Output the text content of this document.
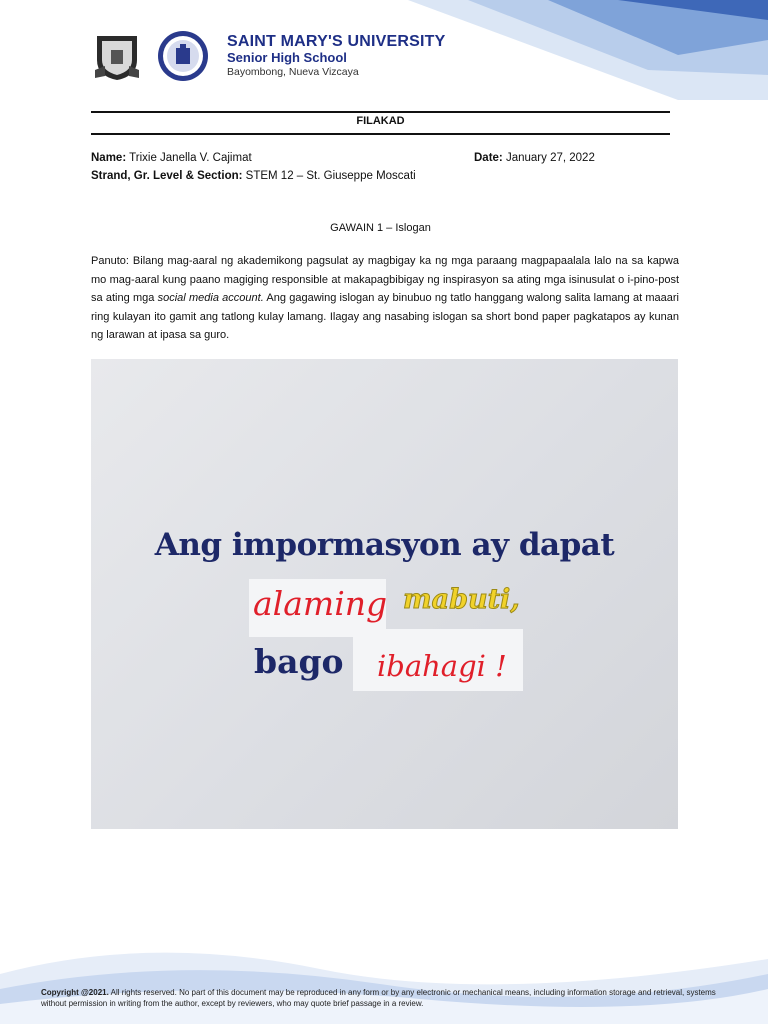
SAINT MARY'S UNIVERSITY
Senior High School
Bayombong, Nueva Vizcaya
FILAKAD
Name: Trixie Janella V. Cajimat	Date: January 27, 2022
Strand, Gr. Level & Section: STEM 12 – St. Giuseppe Moscati
GAWAIN 1 – Islogan
Panuto: Bilang mag-aaral ng akademikong pagsulat ay magbigay ka ng mga paraang magpapaalala lalo na sa kapwa mo mag-aaral kung paano magiging responsible at makapagbibigay ng inspirasyon sa ating mga isinusulat o i-pino-post sa ating mga social media account. Ang gagawing islogan ay binubuo ng tatlo hanggang walong salita lamang at maaari ring kulayan ito gamit ang tatlong kulay lamang. Ilagay ang nasabing islogan sa short bond paper pagkatapos ay kunan ng larawan at ipasa sa guro.
Ang impormasyon ay dapat
alaming mabuti,
bago ibahagi !
Copyright @2021. All rights reserved. No part of this document may be reproduced in any form or by any electronic or mechanical means, including information storage and retrieval, systems without permission in writing from the author, except by reviewers, who may quote brief passage in a review.
